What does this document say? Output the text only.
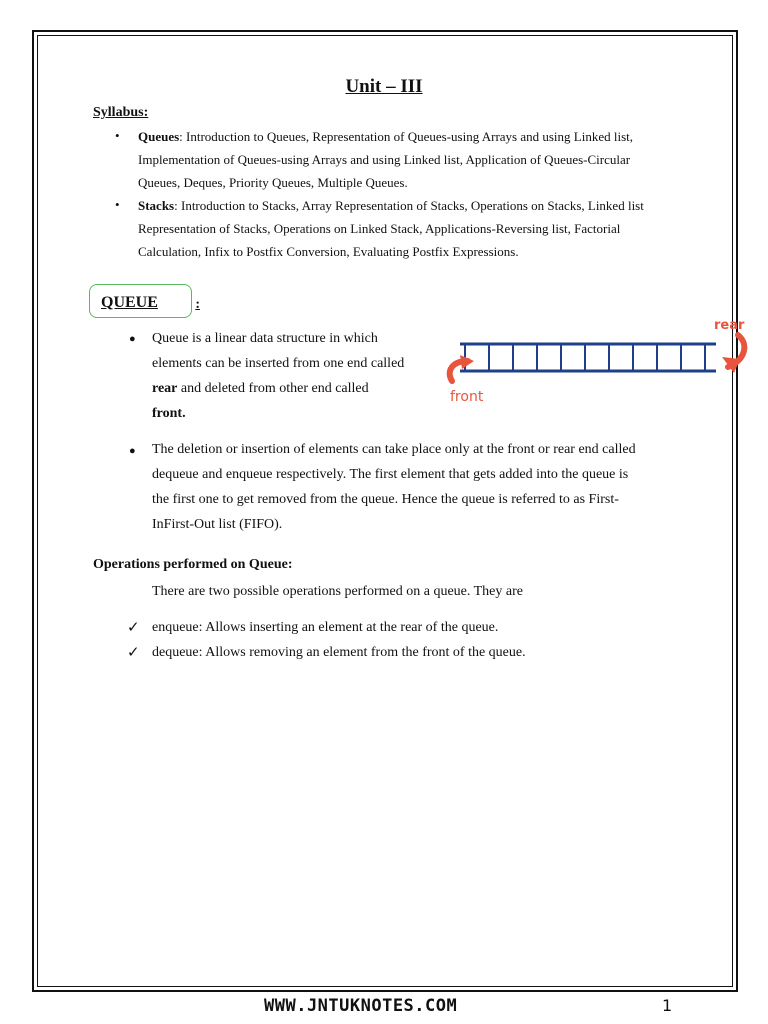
Unit – III
Syllabus:
• Queues: Introduction to Queues, Representation of Queues-using Arrays and using Linked list,
Implementation of Queues-using Arrays and using Linked list, Application of Queues-Circular
Queues, Deques, Priority Queues, Multiple Queues.
• Stacks: Introduction to Stacks, Array Representation of Stacks, Operations on Stacks, Linked list
Representation of Stacks, Operations on Linked Stack, Applications-Reversing list, Factorial
Calculation, Infix to Postfix Conversion, Evaluating Postfix Expressions.
QUEUE	:
● Queue is a linear data structure in which
elements can be inserted from one end called
rear and deleted from other end called
front.
rear
front
● The deletion or insertion of elements can take place only at the front or rear end called
dequeue and enqueue respectively. The first element that gets added into the queue is
the first one to get removed from the queue. Hence the queue is referred to as First-
InFirst-Out list (FIFO).
Operations performed on Queue:
There are two possible operations performed on a queue. They are
✓ enqueue: Allows inserting an element at the rear of the queue.
✓ dequeue: Allows removing an element from the front of the queue.
WWW.JNTUKNOTES.COM	1
